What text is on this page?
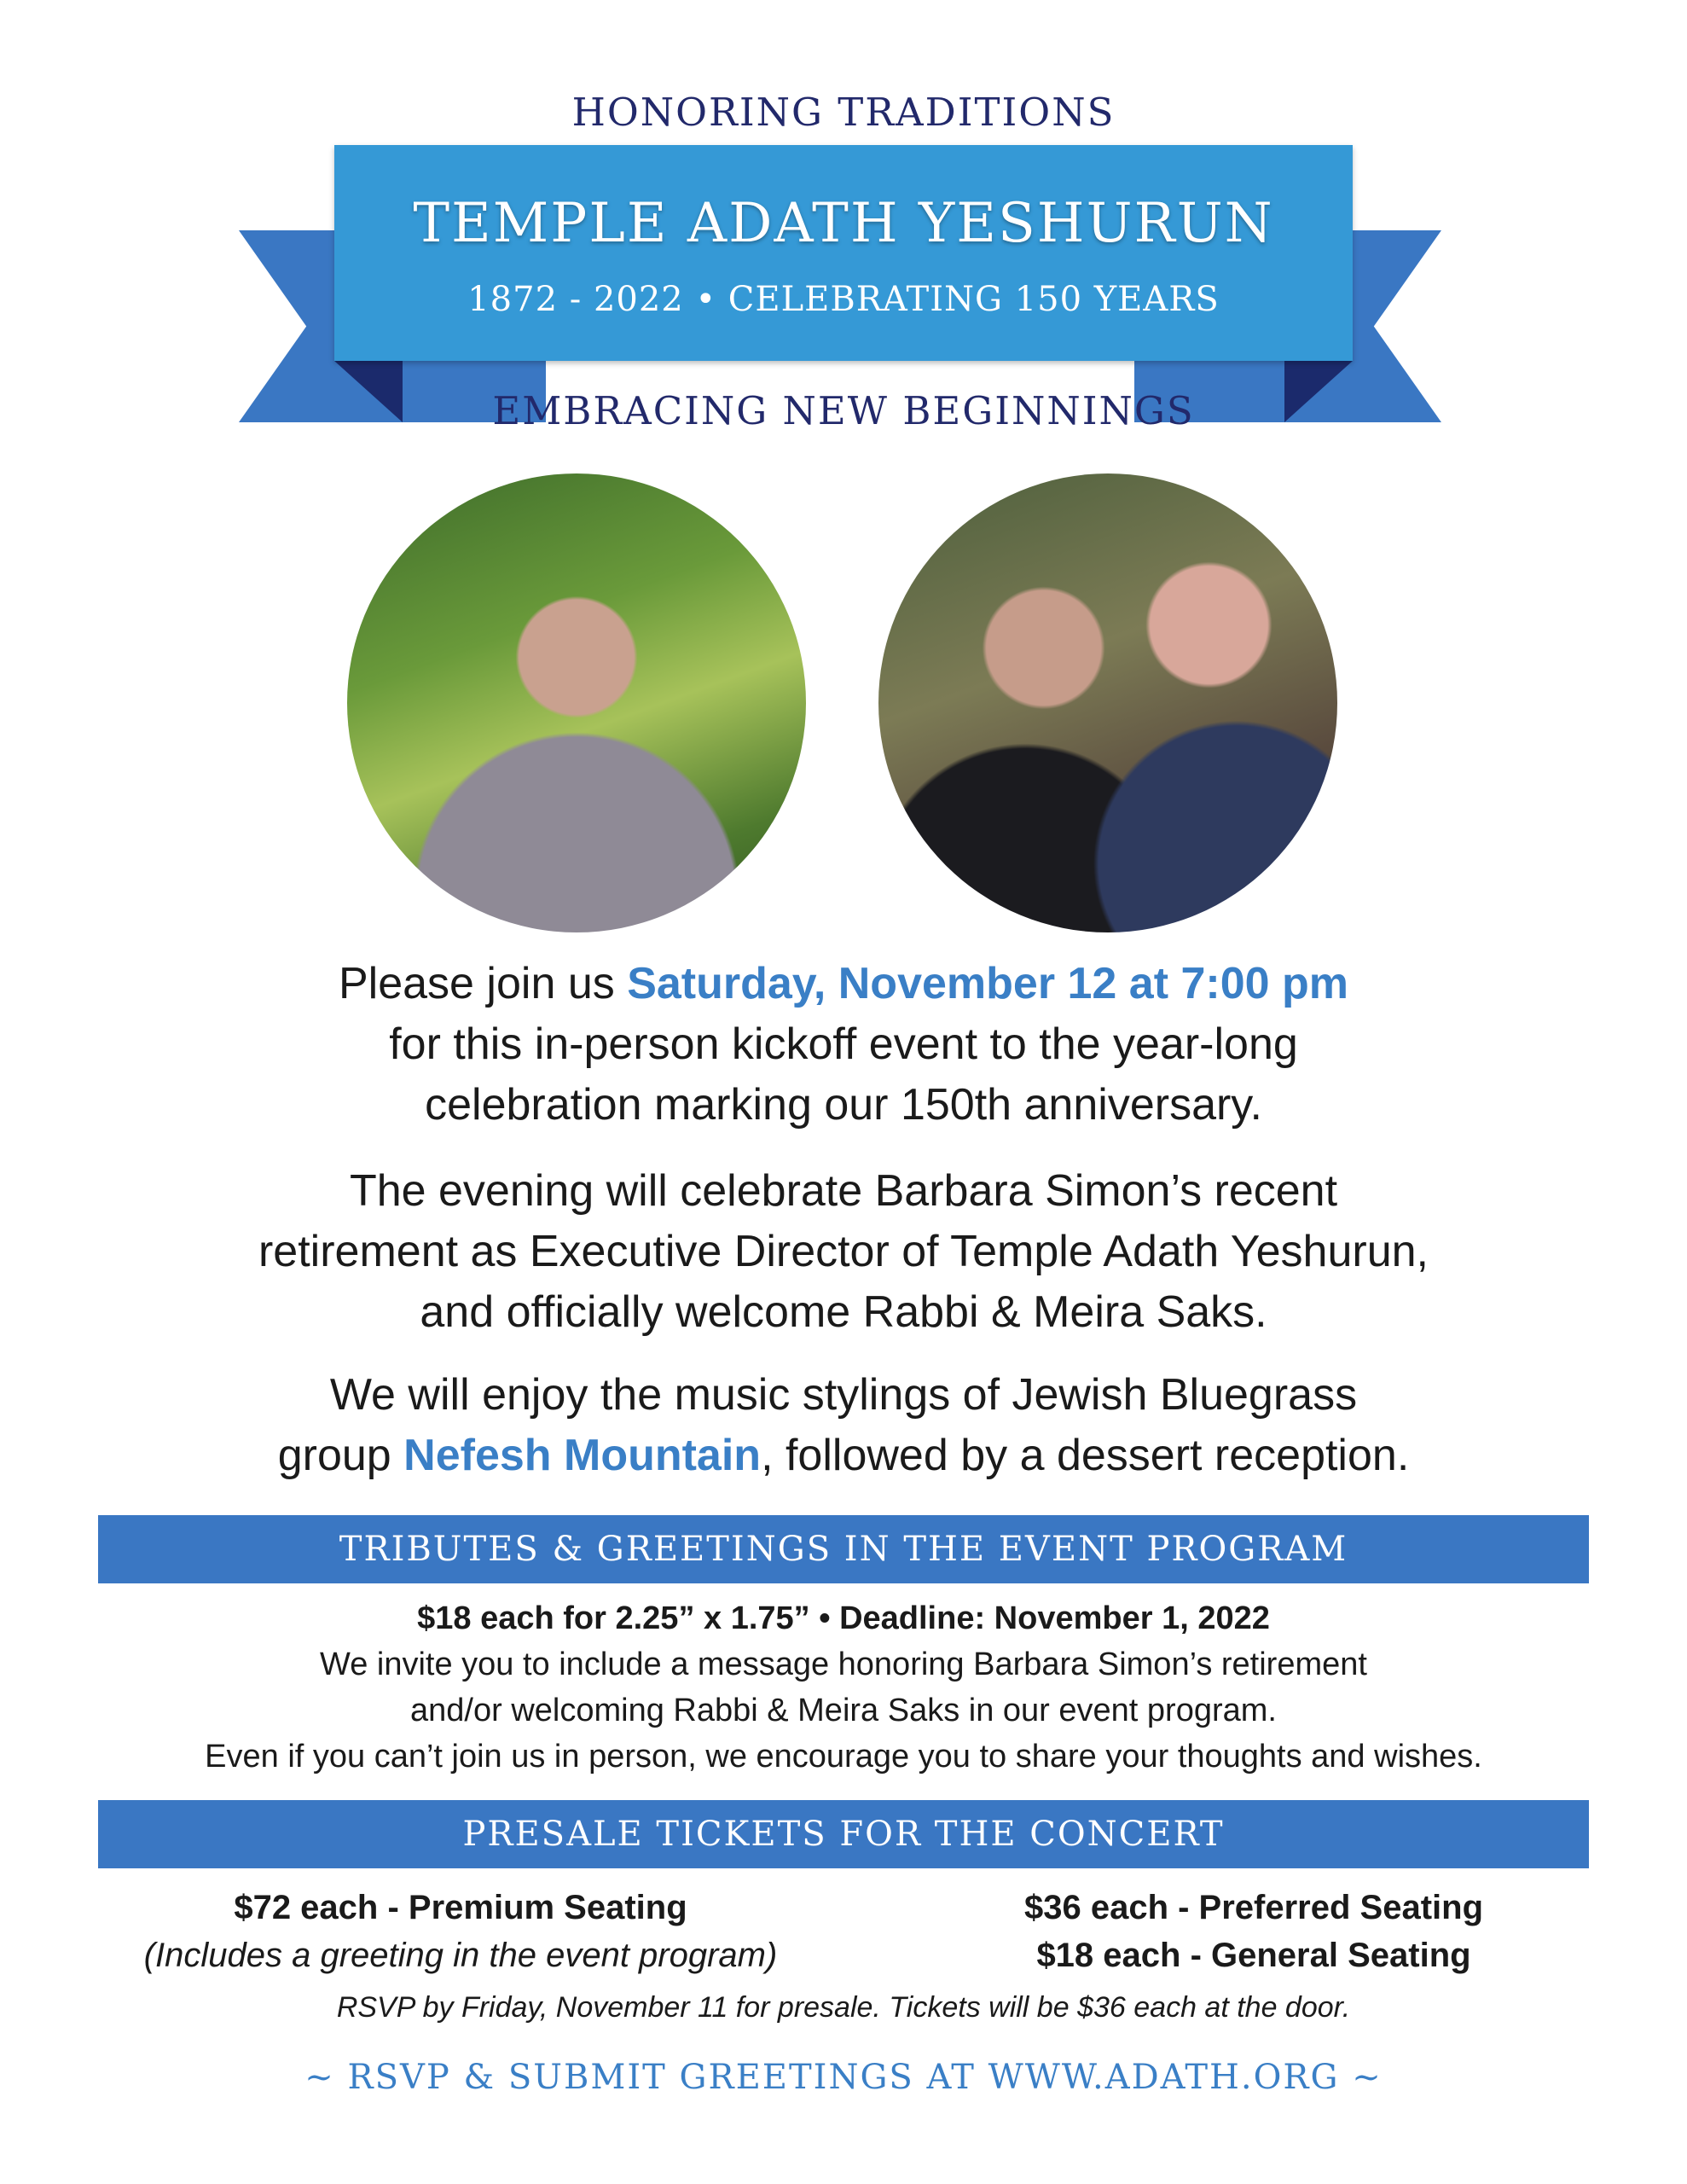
HONORING TRADITIONS
TEMPLE ADATH YESHURUN
1872 - 2022 • CELEBRATING 150 YEARS
EMBRACING NEW BEGINNINGS
Please join us Saturday, November 12 at 7:00 pm
for this in-person kickoff event to the year-long
celebration marking our 150th anniversary.
The evening will celebrate Barbara Simon’s recent
retirement as Executive Director of Temple Adath Yeshurun,
and officially welcome Rabbi & Meira Saks.
We will enjoy the music stylings of Jewish Bluegrass
group Nefesh Mountain, followed by a dessert reception.
TRIBUTES & GREETINGS IN THE EVENT PROGRAM
$18 each for 2.25” x 1.75” • Deadline: November 1, 2022
We invite you to include a message honoring Barbara Simon’s retirement
and/or welcoming Rabbi & Meira Saks in our event program.
Even if you can’t join us in person, we encourage you to share your thoughts and wishes.
PRESALE TICKETS FOR THE CONCERT
$72 each - Premium Seating
(Includes a greeting in the event program)
$36 each - Preferred Seating
$18 each - General Seating
RSVP by Friday, November 11 for presale. Tickets will be $36 each at the door.
~ RSVP & SUBMIT GREETINGS AT WWW.ADATH.ORG ~
